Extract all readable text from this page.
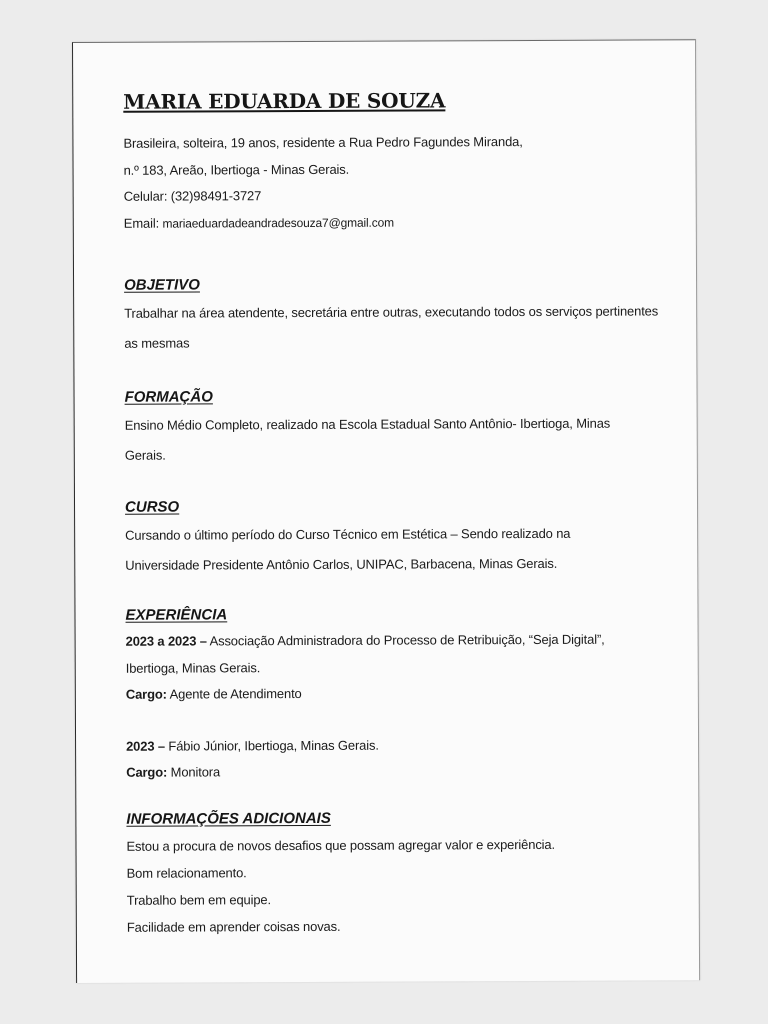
MARIA EDUARDA DE SOUZA
Brasileira, solteira, 19 anos, residente a Rua Pedro Fagundes Miranda,
n.º 183, Areão, Ibertioga - Minas Gerais.
Celular: (32)98491-3727
Email: mariaeduardadeandradesouza7@gmail.com
OBJETIVO
Trabalhar na área atendente, secretária entre outras, executando todos os serviços pertinentes
as mesmas
FORMAÇÃO
Ensino Médio Completo, realizado na Escola Estadual Santo Antônio- Ibertioga, Minas
Gerais.
CURSO
Cursando o último período do Curso Técnico em Estética – Sendo realizado na
Universidade Presidente Antônio Carlos, UNIPAC, Barbacena, Minas Gerais.
EXPERIÊNCIA
2023 a 2023 – Associação Administradora do Processo de Retribuição, “Seja Digital”,
Ibertioga, Minas Gerais.
Cargo: Agente de Atendimento
2023 – Fábio Júnior, Ibertioga, Minas Gerais.
Cargo: Monitora
INFORMAÇÕES ADICIONAIS
Estou a procura de novos desafios que possam agregar valor e experiência.
Bom relacionamento.
Trabalho bem em equipe.
Facilidade em aprender coisas novas.
